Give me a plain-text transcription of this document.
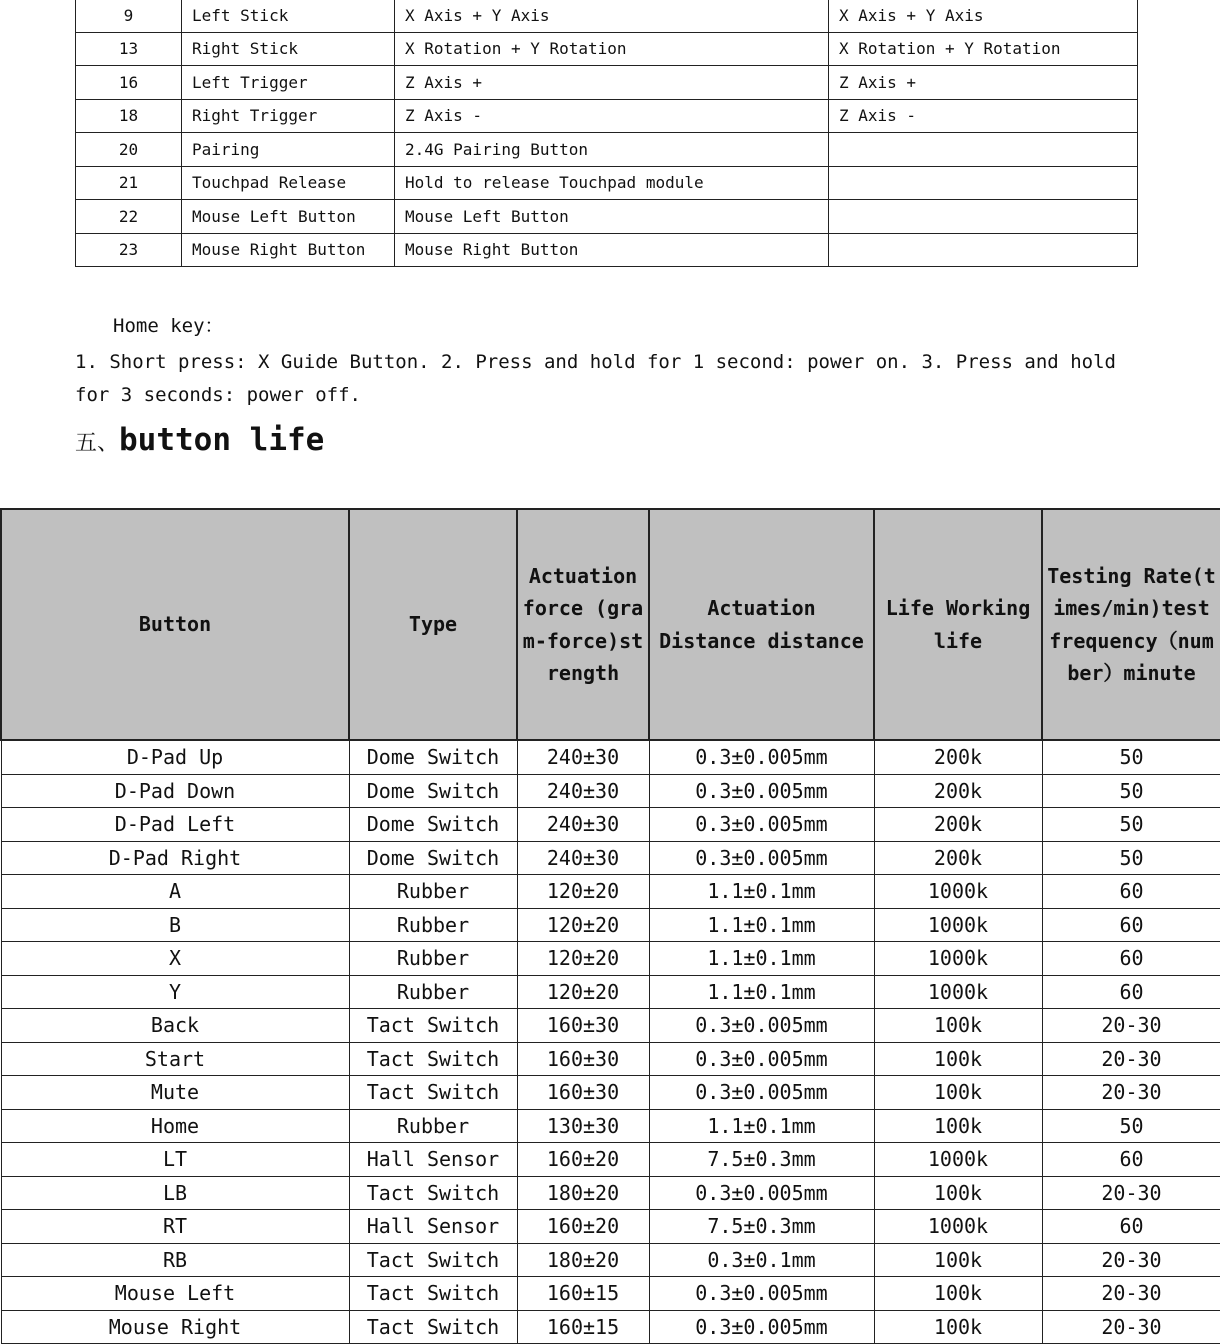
9	Left Stick	X Axis + Y Axis	X Axis + Y Axis
13	Right Stick	X Rotation + Y Rotation	X Rotation + Y Rotation
16	Left Trigger	Z Axis +	Z Axis +
18	Right Trigger	Z Axis -	Z Axis -
20	Pairing	2.4G Pairing Button	
21	Touchpad Release	Hold to release Touchpad module	
22	Mouse Left Button	Mouse Left Button	
23	Mouse Right Button	Mouse Right Button	
Home key：
1. Short press: X Guide Button. 2. Press and hold for 1 second: power on. 3. Press and hold for 3 seconds: power off.
五、button life
Button	Type	Actuation force (gram-force)strength	Actuation Distance distance	Life Working life	Testing Rate(times/min)test frequency（number）minute
D-Pad Up	Dome Switch	240±30	0.3±0.005mm	200k	50
D-Pad Down	Dome Switch	240±30	0.3±0.005mm	200k	50
D-Pad Left	Dome Switch	240±30	0.3±0.005mm	200k	50
D-Pad Right	Dome Switch	240±30	0.3±0.005mm	200k	50
A	Rubber	120±20	1.1±0.1mm	1000k	60
B	Rubber	120±20	1.1±0.1mm	1000k	60
X	Rubber	120±20	1.1±0.1mm	1000k	60
Y	Rubber	120±20	1.1±0.1mm	1000k	60
Back	Tact Switch	160±30	0.3±0.005mm	100k	20-30
Start	Tact Switch	160±30	0.3±0.005mm	100k	20-30
Mute	Tact Switch	160±30	0.3±0.005mm	100k	20-30
Home	Rubber	130±30	1.1±0.1mm	100k	50
LT	Hall Sensor	160±20	7.5±0.3mm	1000k	60
LB	Tact Switch	180±20	0.3±0.005mm	100k	20-30
RT	Hall Sensor	160±20	7.5±0.3mm	1000k	60
RB	Tact Switch	180±20	0.3±0.1mm	100k	20-30
Mouse Left	Tact Switch	160±15	0.3±0.005mm	100k	20-30
Mouse Right	Tact Switch	160±15	0.3±0.005mm	100k	20-30
